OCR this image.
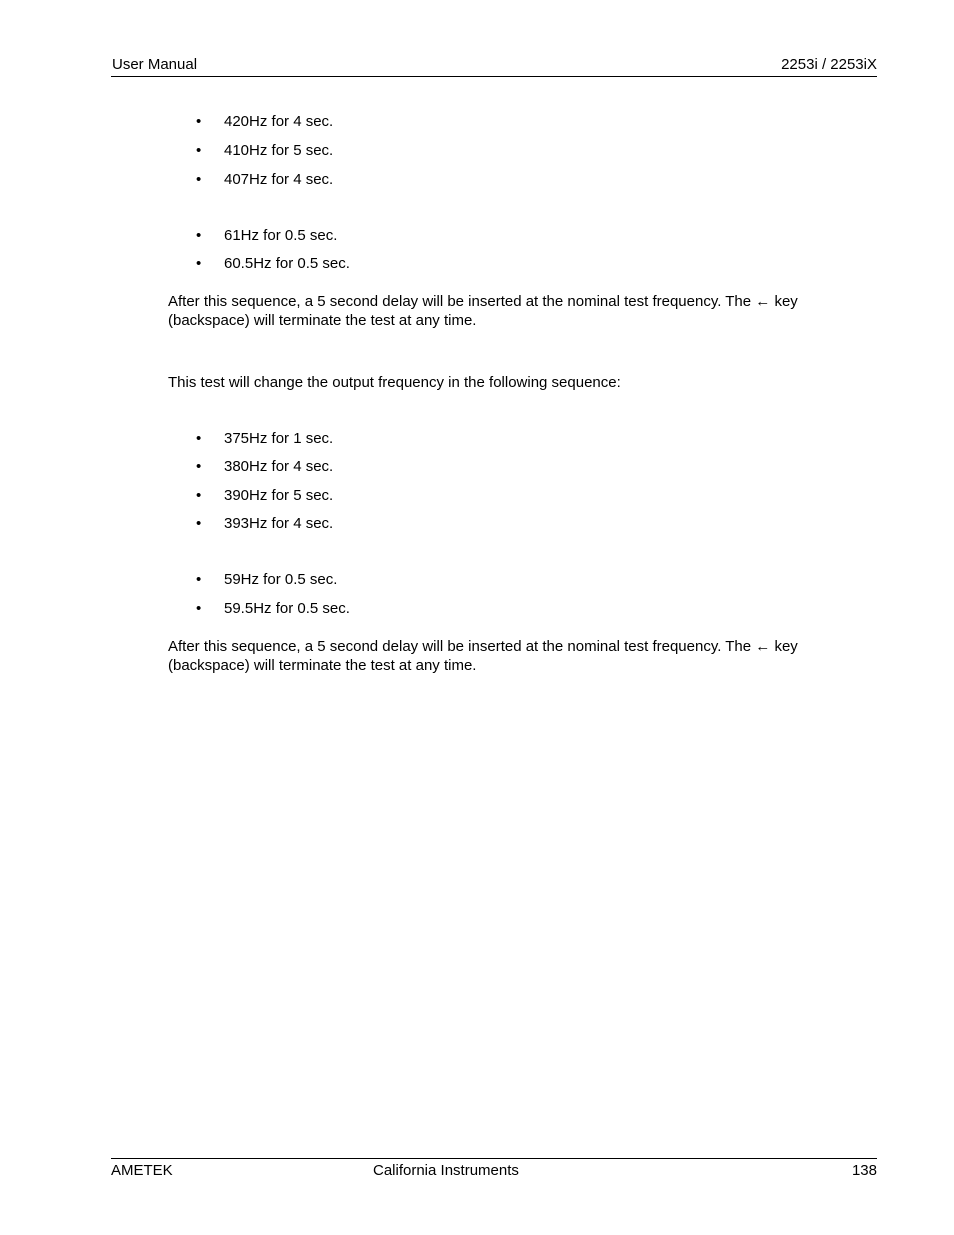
User Manual	2253i / 2253iX
• 420Hz for 4 sec.
• 410Hz for 5 sec.
• 407Hz for 4 sec.
• 61Hz for 0.5 sec.
• 60.5Hz for 0.5 sec.
After this sequence, a 5 second delay will be inserted at the nominal test frequency. The ← key
(backspace) will terminate the test at any time.
This test will change the output frequency in the following sequence:
• 375Hz for 1 sec.
• 380Hz for 4 sec.
• 390Hz for 5 sec.
• 393Hz for 4 sec.
• 59Hz for 0.5 sec.
• 59.5Hz for 0.5 sec.
After this sequence, a 5 second delay will be inserted at the nominal test frequency. The ← key
(backspace) will terminate the test at any time.
AMETEK	California Instruments	138
